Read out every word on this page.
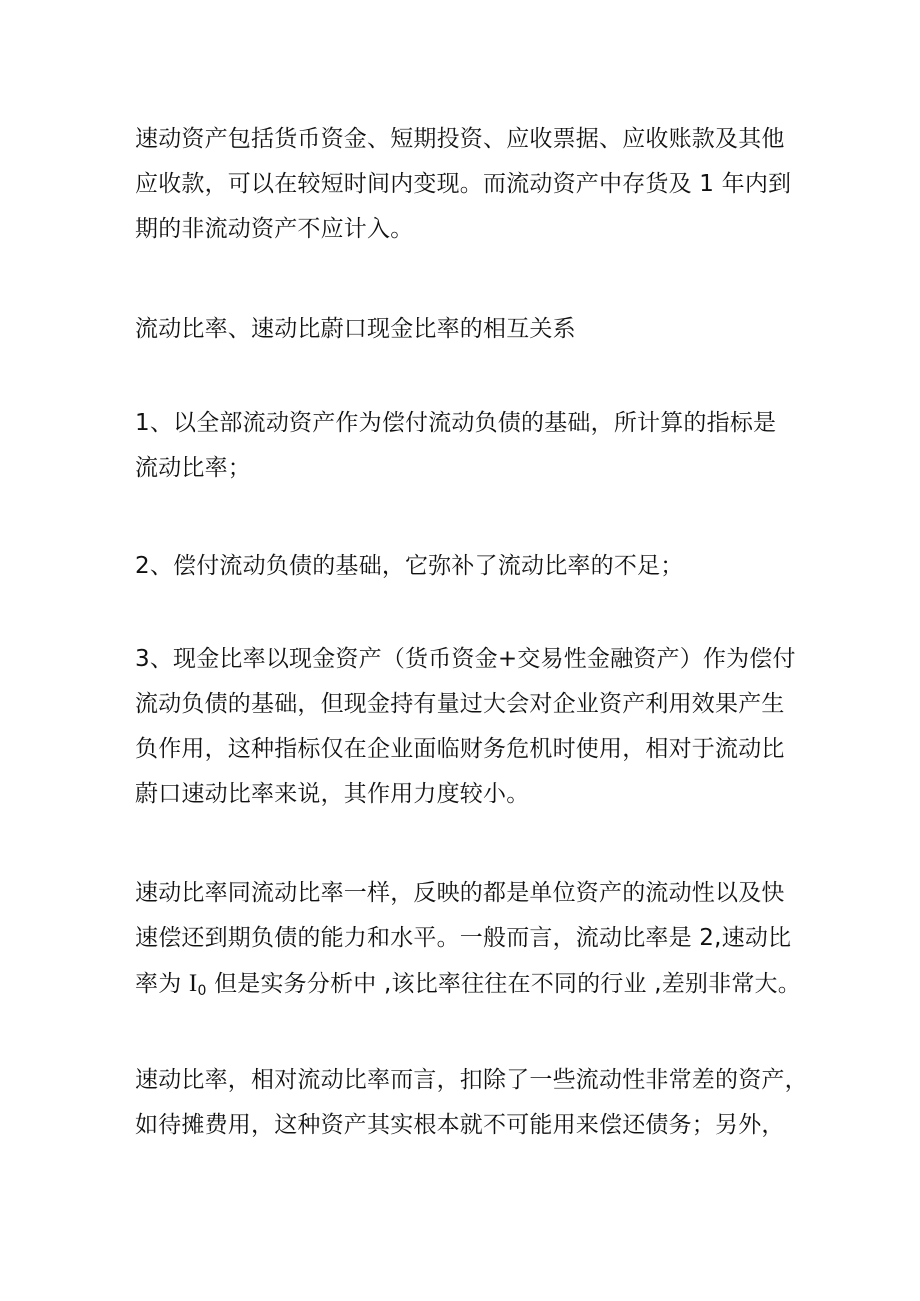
速动资产包括货币资金、短期投资、应收票据、应收账款及其他
应收款，可以在较短时间内变现。而流动资产中存货及 1 年内到
期的非流动资产不应计入。

流动比率、速动比蔚口现金比率的相互关系

1、以全部流动资产作为偿付流动负债的基础，所计算的指标是
流动比率；

2、偿付流动负债的基础，它弥补了流动比率的不足；

3、现金比率以现金资产（货币资金+交易性金融资产）作为偿付
流动负债的基础，但现金持有量过大会对企业资产利用效果产生
负作用，这种指标仅在企业面临财务危机时使用，相对于流动比
蔚口速动比率来说，其作用力度较小。

速动比率同流动比率一样，反映的都是单位资产的流动性以及快
速偿还到期负债的能力和水平。一般而言，流动比率是 2,速动比
率为 $I_0$ 但是实务分析中 ,该比率往往在不同的行业 ,差别非常大。

速动比率，相对流动比率而言，扣除了一些流动性非常差的资产，
如待摊费用，这种资产其实根本就不可能用来偿还债务；另外，
